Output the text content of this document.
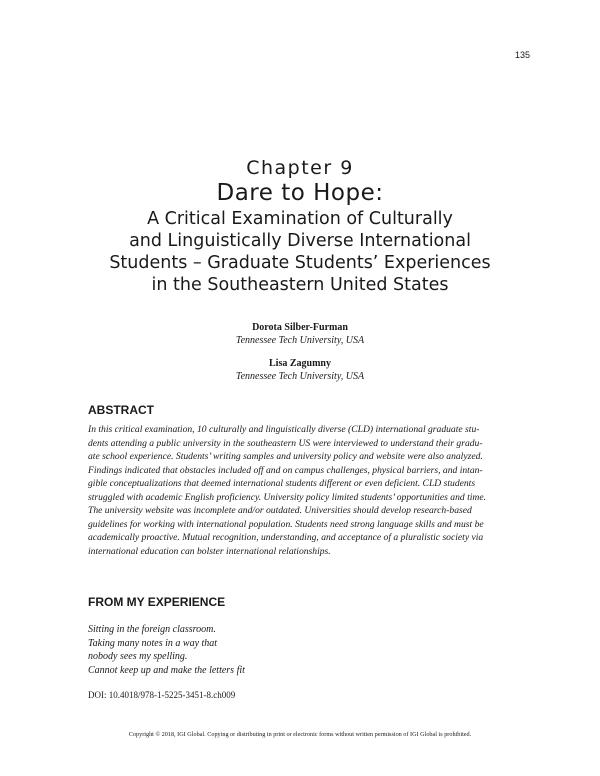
135
Chapter 9
Dare to Hope:
A Critical Examination of Culturally
and Linguistically Diverse International
Students – Graduate Students’ Experiences
in the Southeastern United States
Dorota Silber-Furman
Tennessee Tech University, USA
Lisa Zagumny
Tennessee Tech University, USA
ABSTRACT
In this critical examination, 10 culturally and linguistically diverse (CLD) international graduate stu-
dents attending a public university in the southeastern US were interviewed to understand their gradu-
ate school experience. Students’ writing samples and university policy and website were also analyzed.
Findings indicated that obstacles included off and on campus challenges, physical barriers, and intan-
gible conceptualizations that deemed international students different or even deficient. CLD students
struggled with academic English proficiency. University policy limited students’ opportunities and time.
The university website was incomplete and/or outdated. Universities should develop research-based
guidelines for working with international population. Students need strong language skills and must be
academically proactive. Mutual recognition, understanding, and acceptance of a pluralistic society via
international education can bolster international relationships.
FROM MY EXPERIENCE
Sitting in the foreign classroom.
Taking many notes in a way that
nobody sees my spelling.
Cannot keep up and make the letters fit
DOI: 10.4018/978-1-5225-3451-8.ch009
Copyright © 2018, IGI Global. Copying or distributing in print or electronic forms without written permission of IGI Global is prohibited.
